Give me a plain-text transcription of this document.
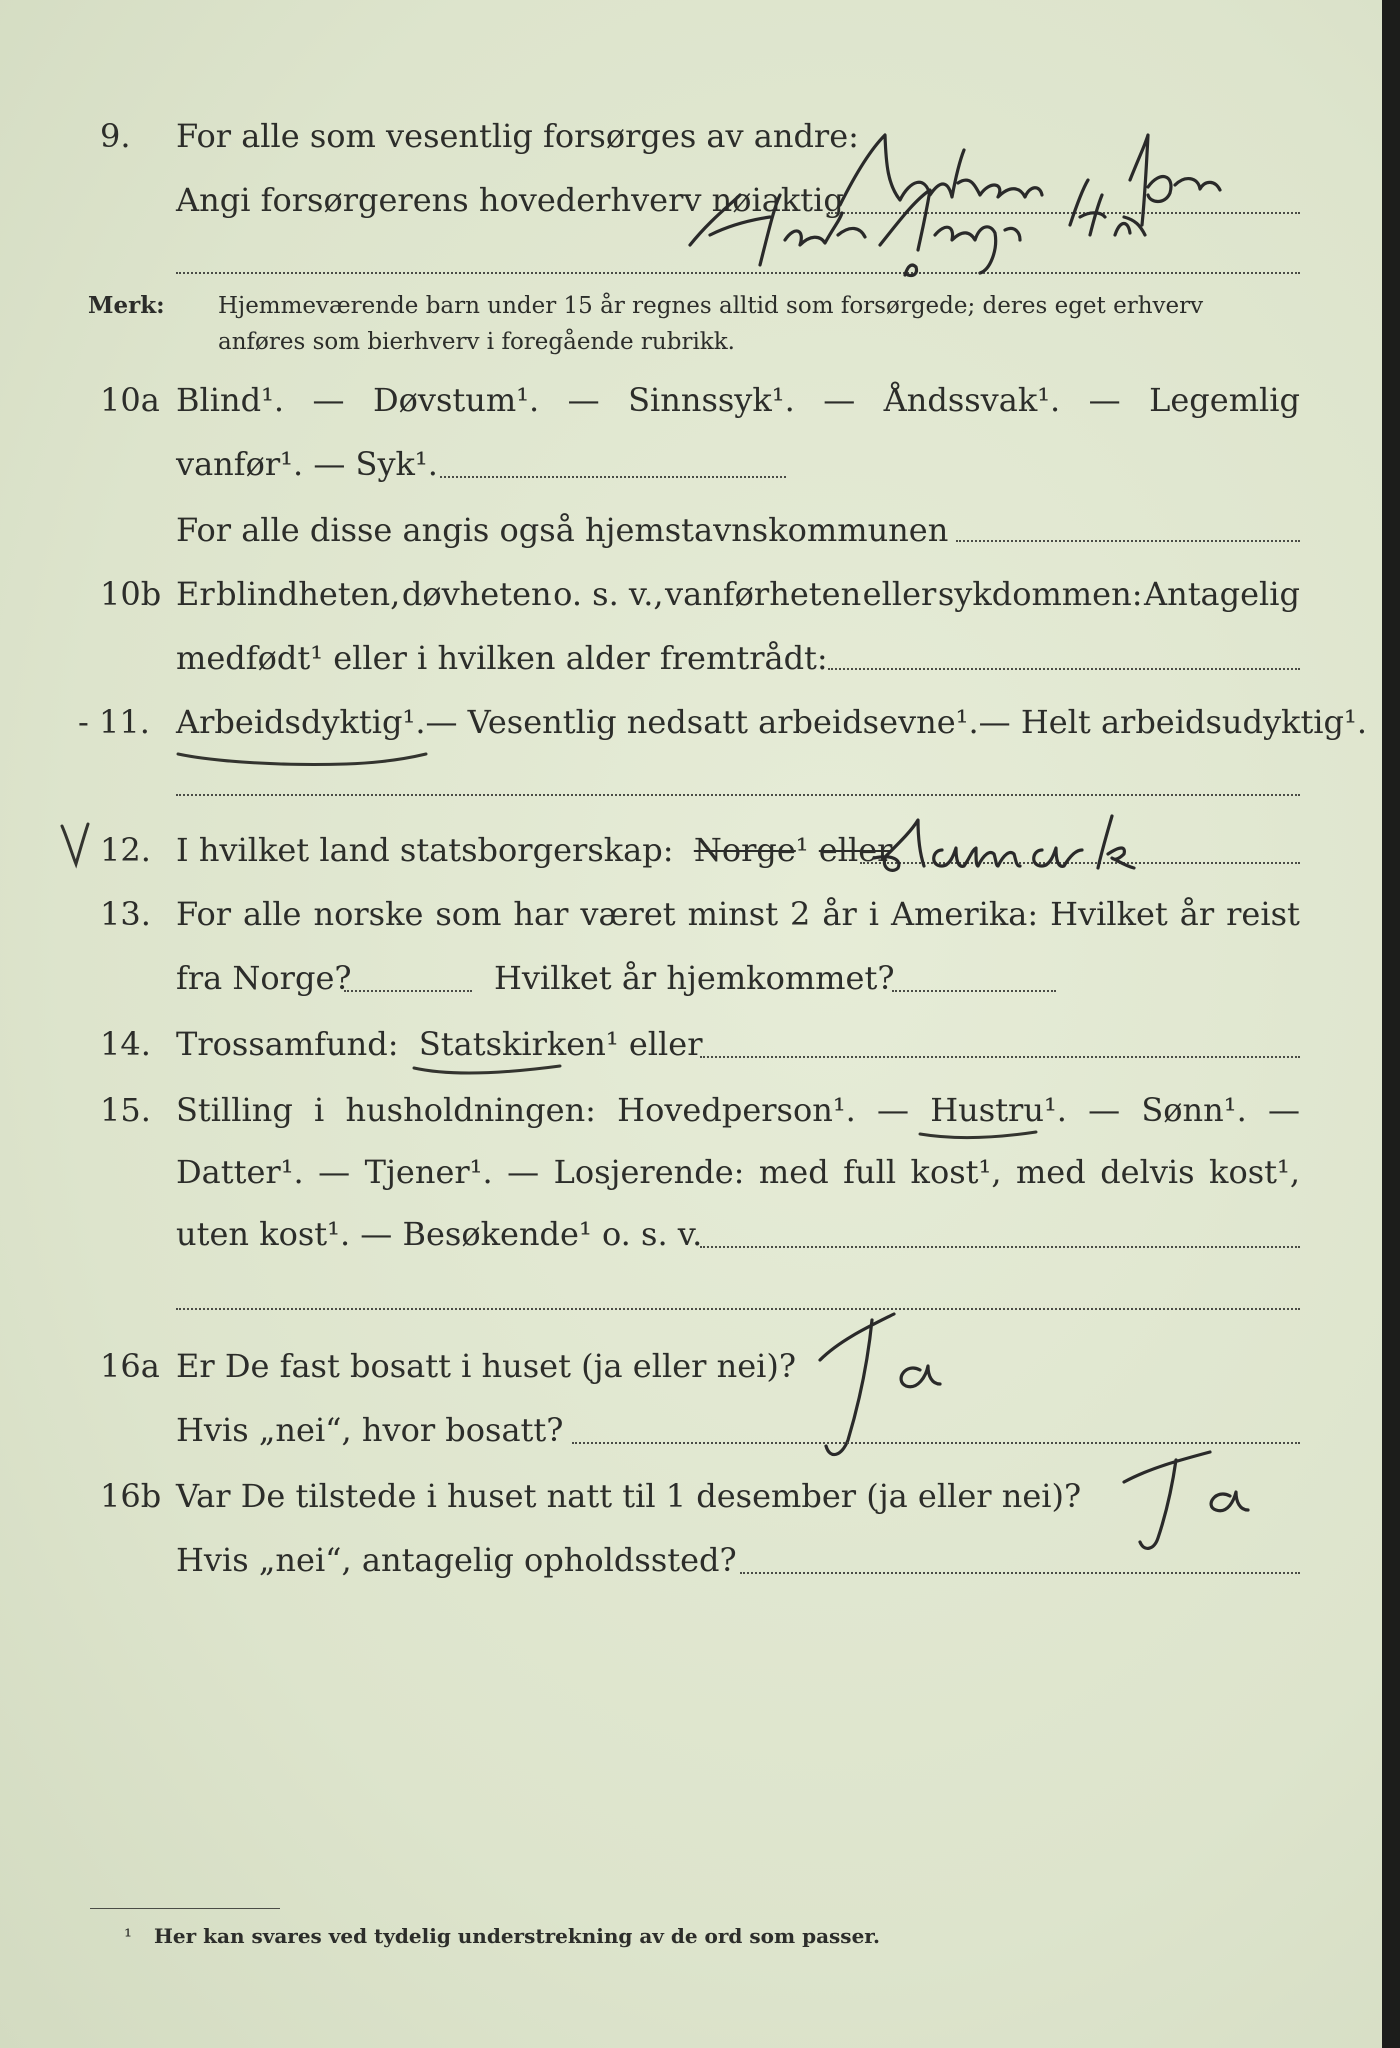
9. For alle som vesentlig forsørges av andre:
Angi forsørgerens hovederhverv nøiaktig
Merk: Hjemmeværende barn under 15 år regnes alltid som forsørgede; deres eget erhverv
anføres som bierhverv i foregående rubrikk.
10a Blind¹. — Døvstum¹. — Sinnssyk¹. — Åndssvak¹. — Legemlig
vanfør¹. — Syk¹.
For alle disse angis også hjemstavnskommunen
10b Er blindheten, døvheten o. s. v., vanførheten eller sykdommen: Antagelig
medfødt¹ eller i hvilken alder fremtrådt:
- 11. Arbeidsdyktig¹. — Vesentlig nedsatt arbeidsevne¹. — Helt arbeidsudyktig¹.
12. I hvilket land statsborgerskap: Norge¹ eller
13. For alle norske som har været minst 2 år i Amerika: Hvilket år reist
fra Norge?	Hvilket år hjemkommet?
14. Trossamfund:  Statskirken¹ eller
15. Stilling i husholdningen: Hovedperson¹. — Hustru¹. — Sønn¹. —
Datter¹. — Tjener¹. — Losjerende: med full kost¹, med delvis kost¹,
uten kost¹. — Besøkende¹ o. s. v.
16a Er De fast bosatt i huset (ja eller nei)?
Hvis „nei“, hvor bosatt?
16b Var De tilstede i huset natt til 1 desember (ja eller nei)?
Hvis „nei“, antagelig opholdssted?
¹ Her kan svares ved tydelig understrekning av de ord som passer.
